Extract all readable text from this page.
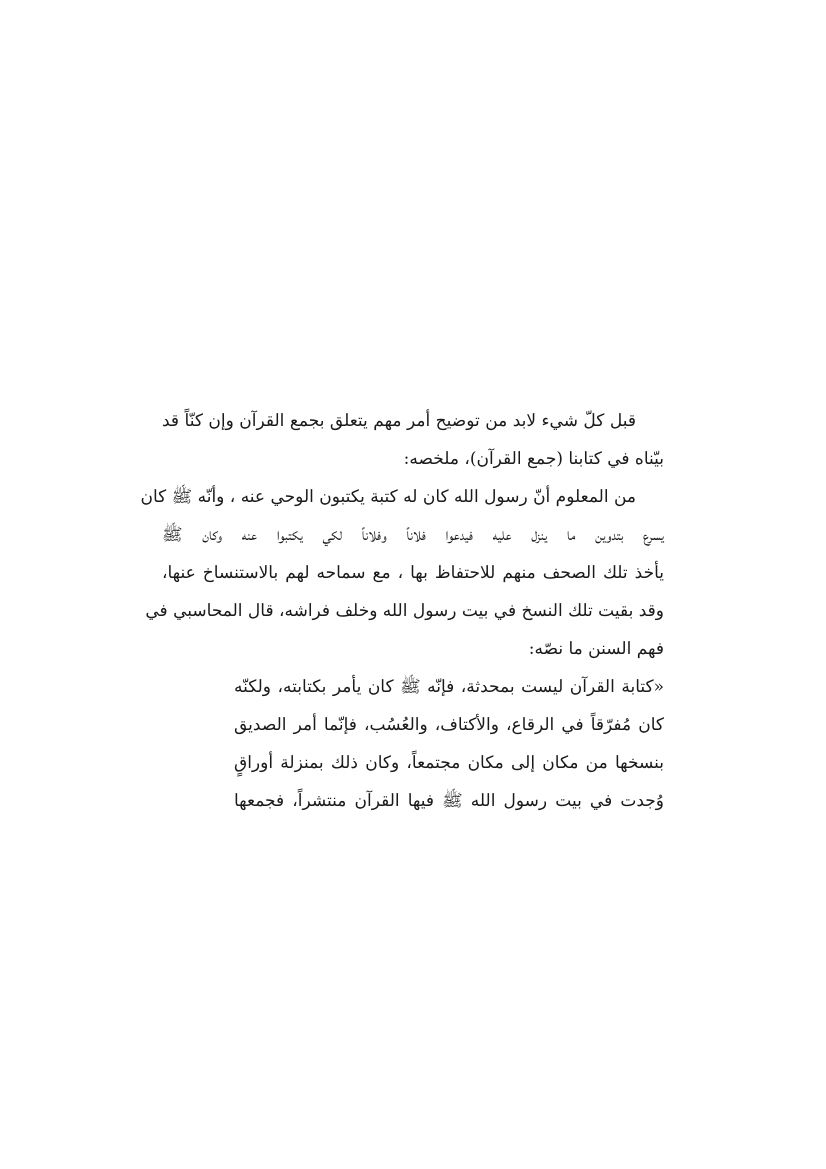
قبل كلّ شيء لابد من توضيح أمر مهم يتعلق بجمع القرآن وإن كنّاً قد
بيّناه في كتابنا (جمع القرآن)، ملخصه:
من المعلوم أنّ رسول الله كان له كتبة يكتبون الوحي عنه ، وأنّه ﷺ كان
يسرع بتدوين ما ينزل عليه فيدعوا فلاناً وفلاناً لكي يكتبوا عنه وكان ﷺ
يأخذ تلك الصحف منهم للاحتفاظ بها ، مع سماحه لهم بالاستنساخ عنها،
وقد بقيت تلك النسخ في بيت رسول الله وخلف فراشه، قال المحاسبي في
فهم السنن ما نصّه:
«كتابة القرآن ليست بمحدثة، فإنّه ﷺ كان يأمر بكتابته، ولكنّه
كان مُفرّقاً في الرقاع، والأكتاف، والعُسُب، فإنّما أمر الصديق
بنسخها من مكان إلى مكان مجتمعاً، وكان ذلك بمنزلة أوراقٍ
وُجدت في بيت رسول الله ﷺ فيها القرآن منتشراً، فجمعها
